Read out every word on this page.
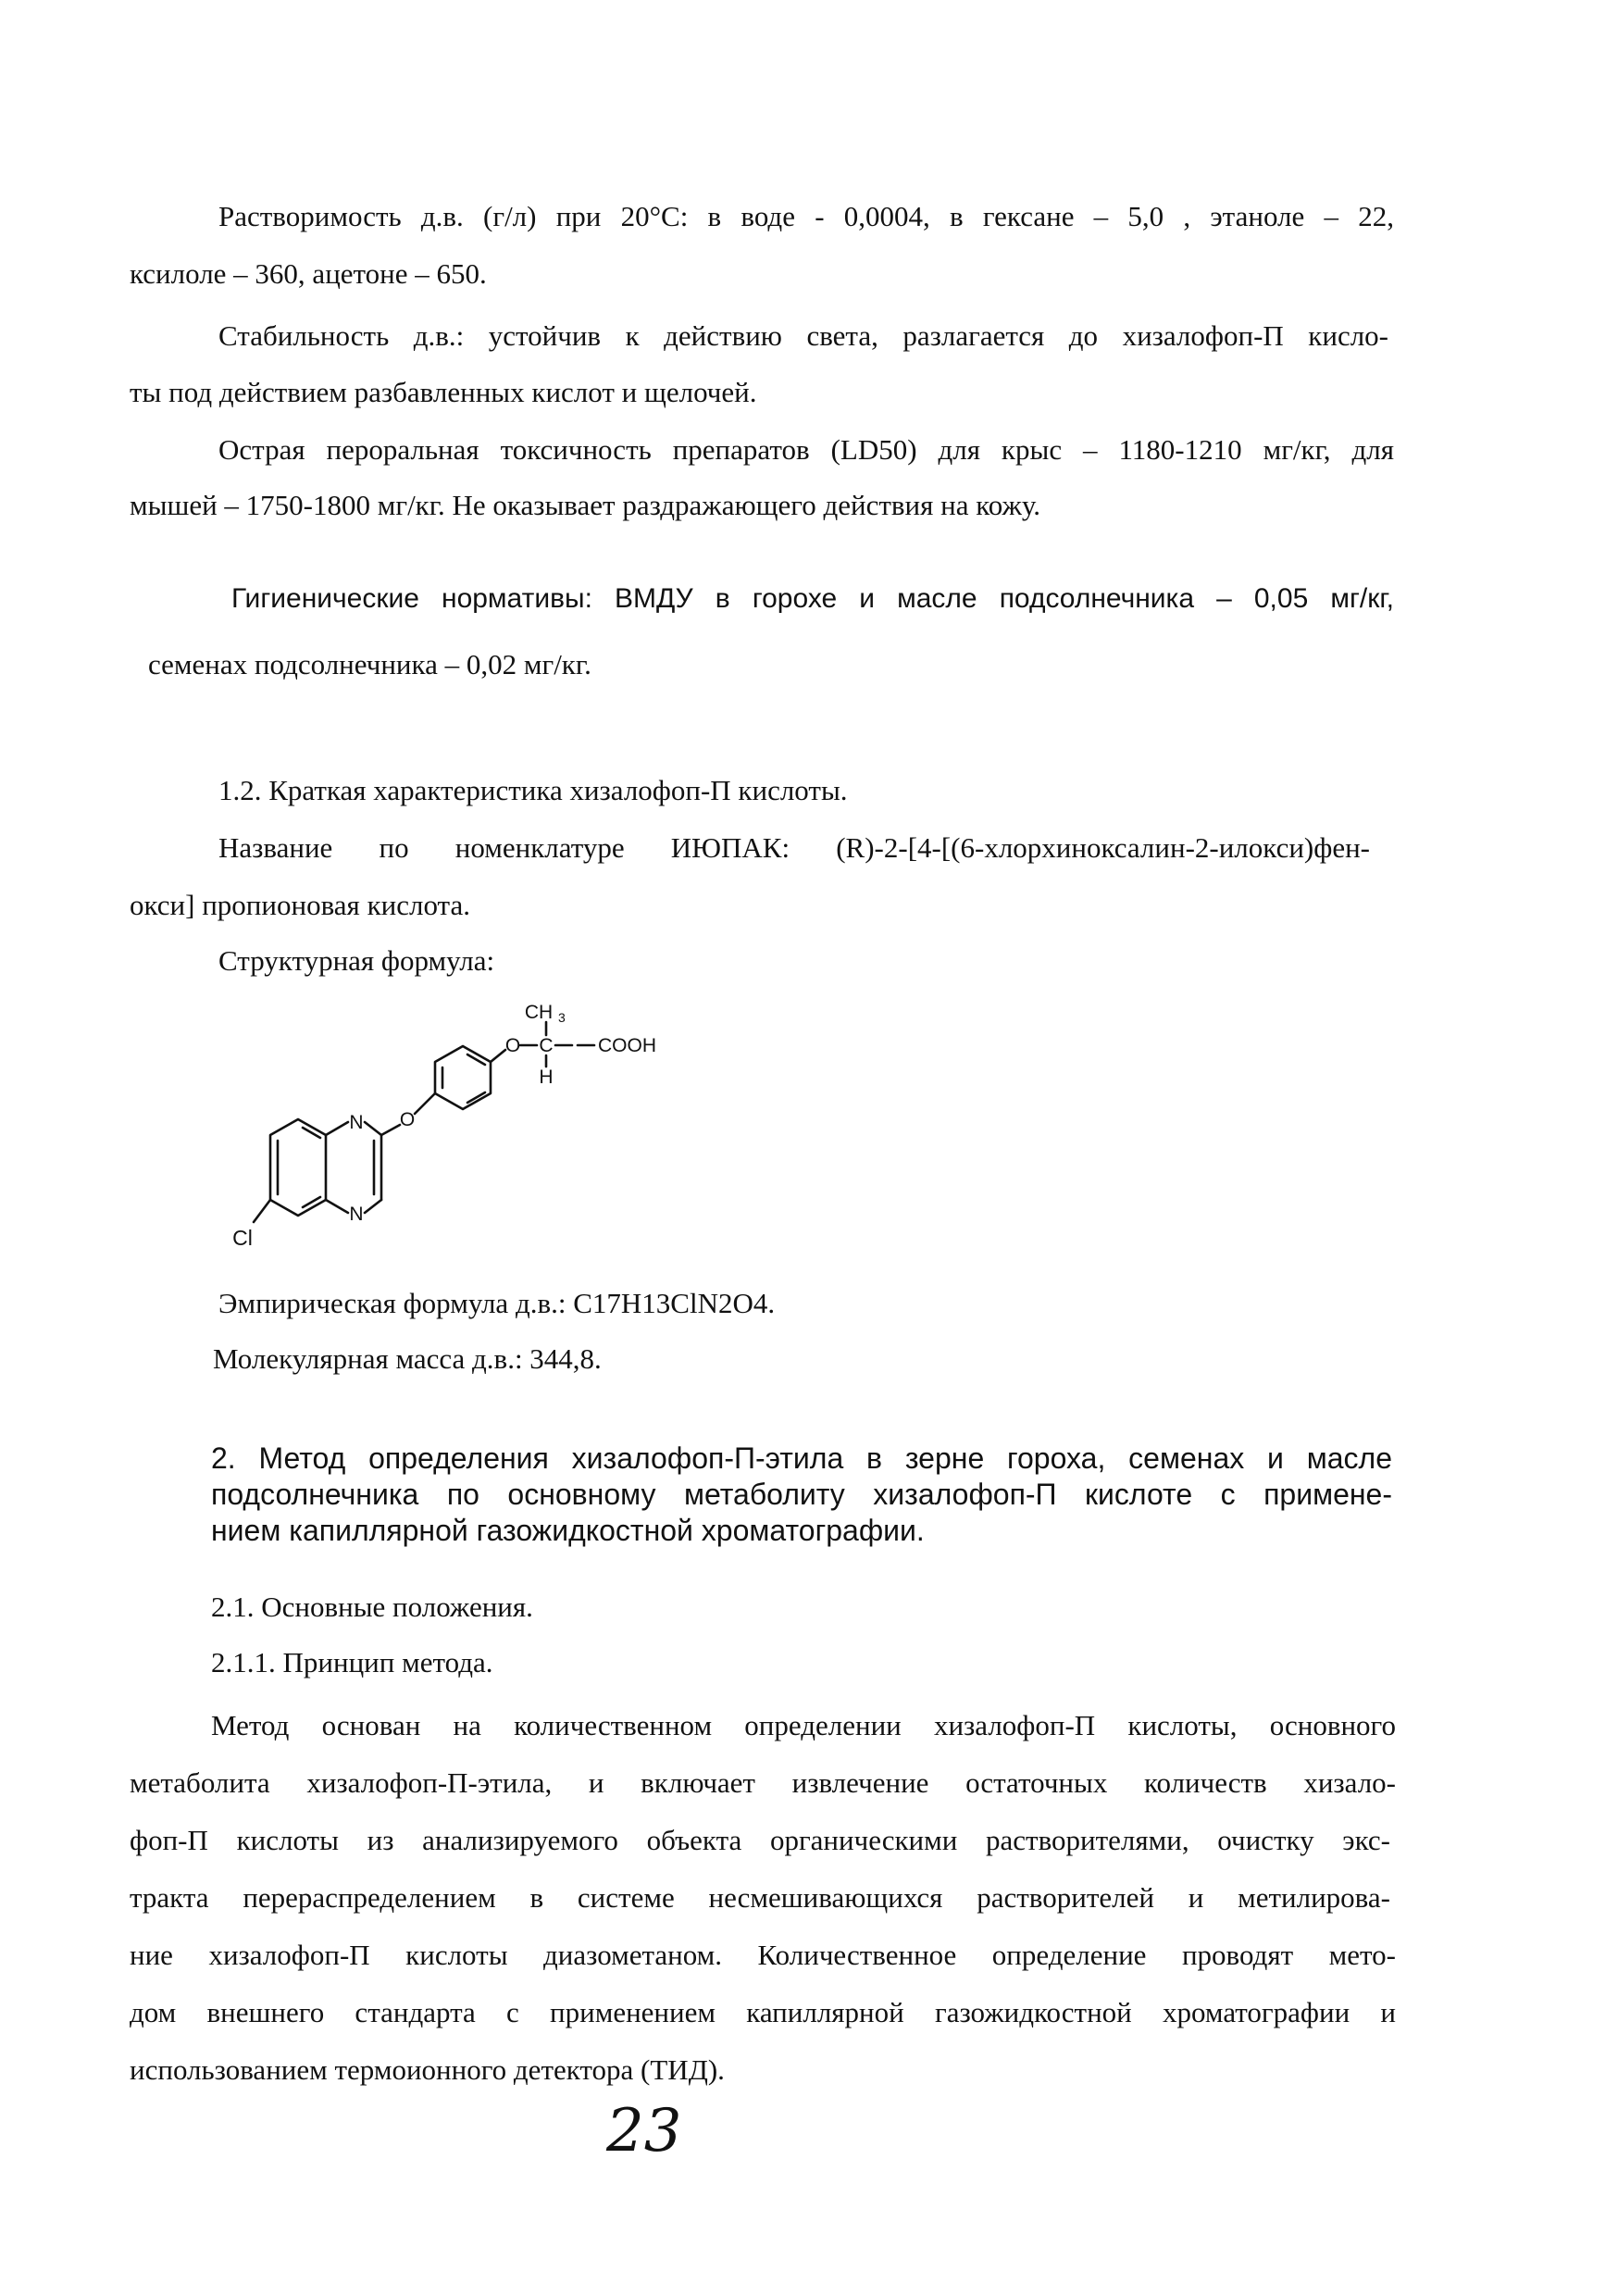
Растворимость д.в. (г/л) при 20°С: в воде - 0,0004, в гексане – 5,0 , этаноле – 22,
ксилоле – 360, ацетоне – 650.
Стабильность д.в.: устойчив к действию света, разлагается до хизалофоп-П кисло-
ты под действием разбавленных кислот и щелочей.
Острая пероральная токсичность препаратов (LD50) для крыс – 1180-1210 мг/кг, для
мышей – 1750-1800 мг/кг. Не оказывает раздражающего действия на кожу.
Гигиенические нормативы: ВМДУ в горохе и масле подсолнечника – 0,05 мг/кг,
семенах подсолнечника – 0,02 мг/кг.
1.2. Краткая характеристика хизалофоп-П кислоты.
Название по номенклатуре ИЮПАК: (R)-2-[4-[(6-хлорхиноксалин-2-илокси)фен-
окси] пропионовая кислота.
Структурная формула:
N
N
O
Cl
O C COOH
H
CH 3
Эмпирическая формула д.в.: C17H13ClN2O4.
Молекулярная масса д.в.: 344,8.
2. Метод определения хизалофоп-П-этила в зерне гороха, семенах и масле
подсолнечника по основному метаболиту хизалофоп-П кислоте с примене-
нием капиллярной газожидкостной хроматографии.
2.1. Основные положения.
2.1.1. Принцип метода.
Метод основан на количественном определении хизалофоп-П кислоты, основного
метаболита хизалофоп-П-этила, и включает извлечение остаточных количеств хизало-
фоп-П кислоты из анализируемого объекта органическими растворителями, очистку экс-
тракта перераспределением в системе несмешивающихся растворителей и метилирова-
ние хизалофоп-П кислоты диазометаном. Количественное определение проводят мето-
дом внешнего стандарта с применением капиллярной газожидкостной хроматографии и
использованием термоионного детектора (ТИД).
23
